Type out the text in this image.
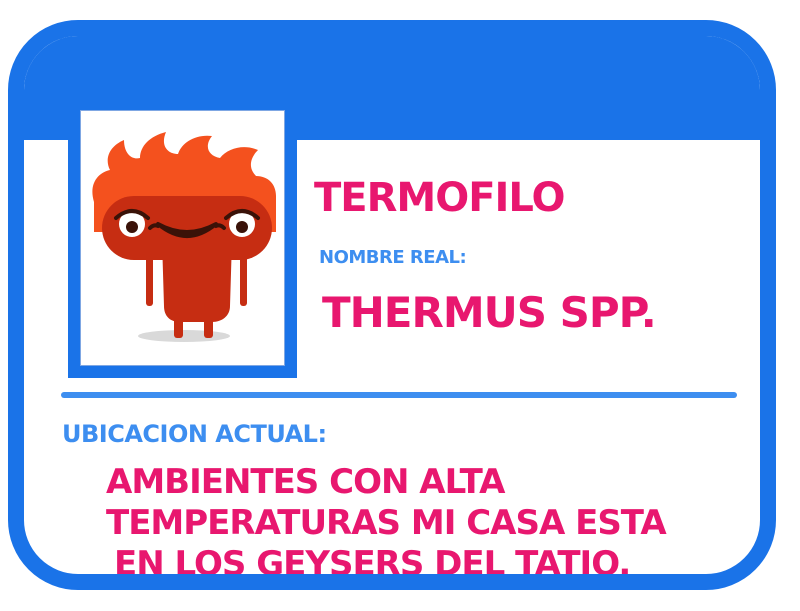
TERMOFILO
NOMBRE REAL:
THERMUS SPP.
UBICACION ACTUAL:
AMBIENTES CON ALTA
TEMPERATURAS MI CASA ESTA
EN LOS GEYSERS DEL TATIO.
